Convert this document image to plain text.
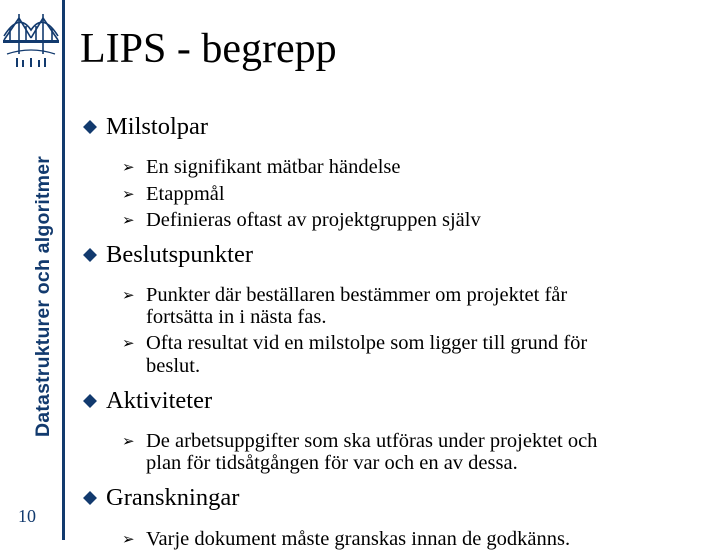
Datastrukturer och algoritmer
10
LIPS - begrepp
Milstolpar
➢ En signifikant mätbar händelse
➢ Etappmål
➢ Definieras oftast av projektgruppen själv
Beslutspunkter
➢ Punkter där beställaren bestämmer om projektet får
fortsätta in i nästa fas.
➢ Ofta resultat vid en milstolpe som ligger till grund för
beslut.
Aktiviteter
➢ De arbetsuppgifter som ska utföras under projektet och
plan för tidsåtgången för var och en av dessa.
Granskningar
➢ Varje dokument måste granskas innan de godkänns.
